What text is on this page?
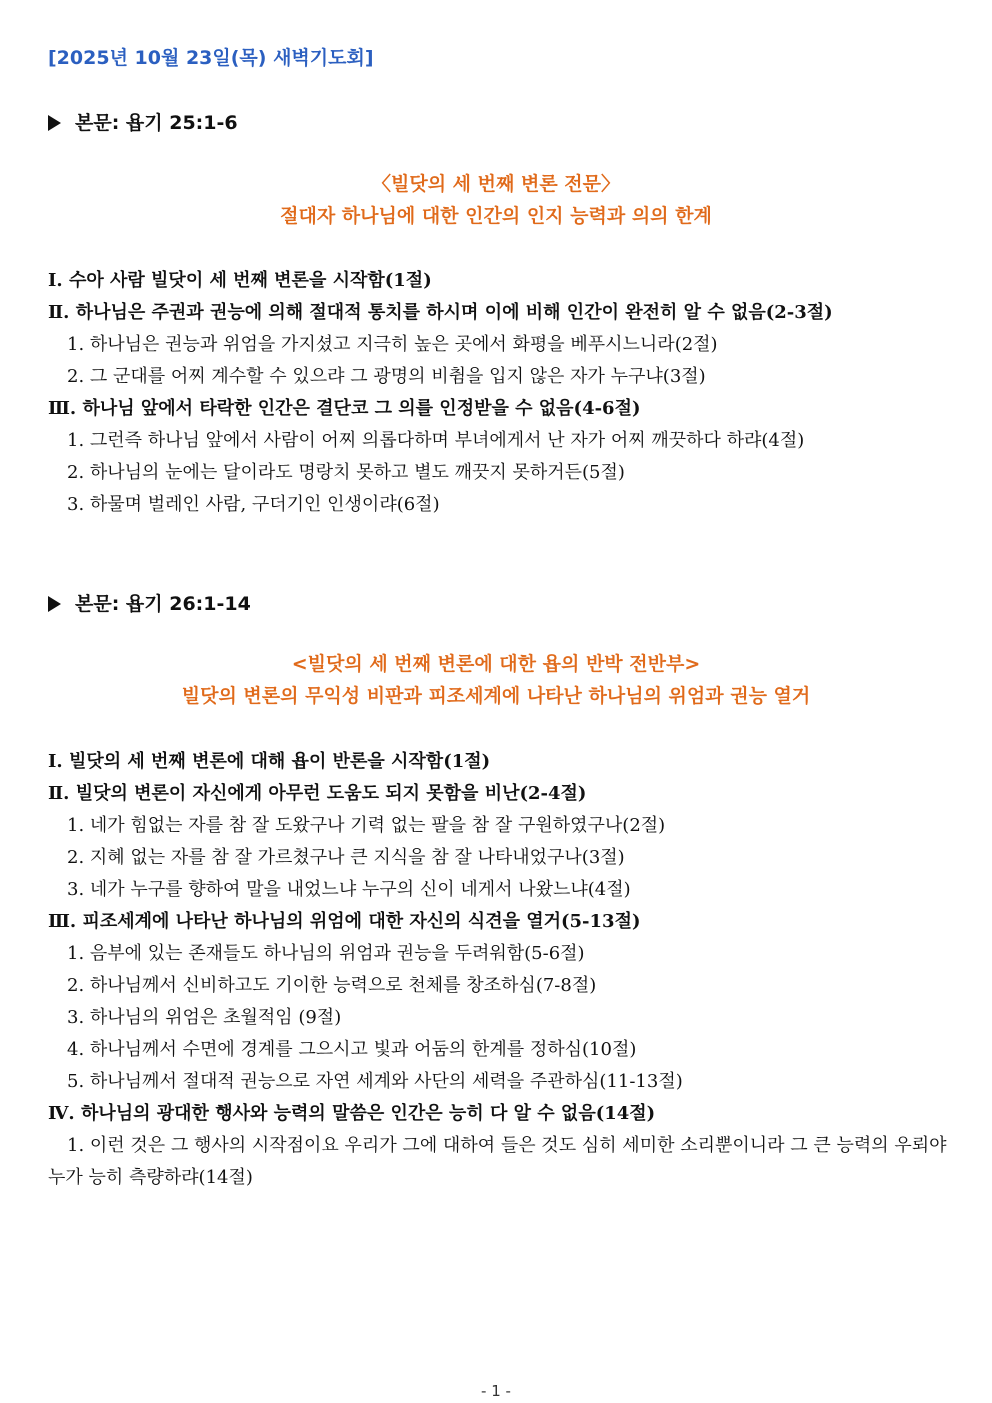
[2025년 10월 23일(목) 새벽기도회]
본문: 욥기 25:1-6
〈빌닷의 세 번째 변론 전문〉
절대자 하나님에 대한 인간의 인지 능력과 의의 한계
Ⅰ. 수아 사람 빌닷이 세 번째 변론을 시작함(1절)
Ⅱ. 하나님은 주권과 권능에 의해 절대적 통치를 하시며 이에 비해 인간이 완전히 알 수 없음(2-3절)
1. 하나님은 권능과 위엄을 가지셨고 지극히 높은 곳에서 화평을 베푸시느니라(2절)
2. 그 군대를 어찌 계수할 수 있으랴 그 광명의 비췸을 입지 않은 자가 누구냐(3절)
Ⅲ. 하나님 앞에서 타락한 인간은 결단코 그 의를 인정받을 수 없음(4-6절)
1. 그런즉 하나님 앞에서 사람이 어찌 의롭다하며 부녀에게서 난 자가 어찌 깨끗하다 하랴(4절)
2. 하나님의 눈에는 달이라도 명랑치 못하고 별도 깨끗지 못하거든(5절)
3. 하물며 벌레인 사람, 구더기인 인생이랴(6절)
본문: 욥기 26:1-14
<빌닷의 세 번째 변론에 대한 욥의 반박 전반부>
빌닷의 변론의 무익성 비판과 피조세계에 나타난 하나님의 위엄과 권능 열거
Ⅰ. 빌닷의 세 번째 변론에 대해 욥이 반론을 시작함(1절)
Ⅱ. 빌닷의 변론이 자신에게 아무런 도움도 되지 못함을 비난(2-4절)
1. 네가 힘없는 자를 참 잘 도왔구나 기력 없는 팔을 참 잘 구원하였구나(2절)
2. 지혜 없는 자를 참 잘 가르쳤구나 큰 지식을 참 잘 나타내었구나(3절)
3. 네가 누구를 향하여 말을 내었느냐 누구의 신이 네게서 나왔느냐(4절)
Ⅲ. 피조세계에 나타난 하나님의 위엄에 대한 자신의 식견을 열거(5-13절)
1. 음부에 있는 존재들도 하나님의 위엄과 권능을 두려워함(5-6절)
2. 하나님께서 신비하고도 기이한 능력으로 천체를 창조하심(7-8절)
3. 하나님의 위엄은 초월적임 (9절)
4. 하나님께서 수면에 경계를 그으시고 빛과 어둠의 한계를 정하심(10절)
5. 하나님께서 절대적 권능으로 자연 세계와 사단의 세력을 주관하심(11-13절)
Ⅳ. 하나님의 광대한 행사와 능력의 말씀은 인간은 능히 다 알 수 없음(14절)
1. 이런 것은 그 행사의 시작점이요 우리가 그에 대하여 들은 것도 심히 세미한 소리뿐이니라 그 큰 능력의 우뢰야 누가 능히 측량하랴(14절)
- 1 -
